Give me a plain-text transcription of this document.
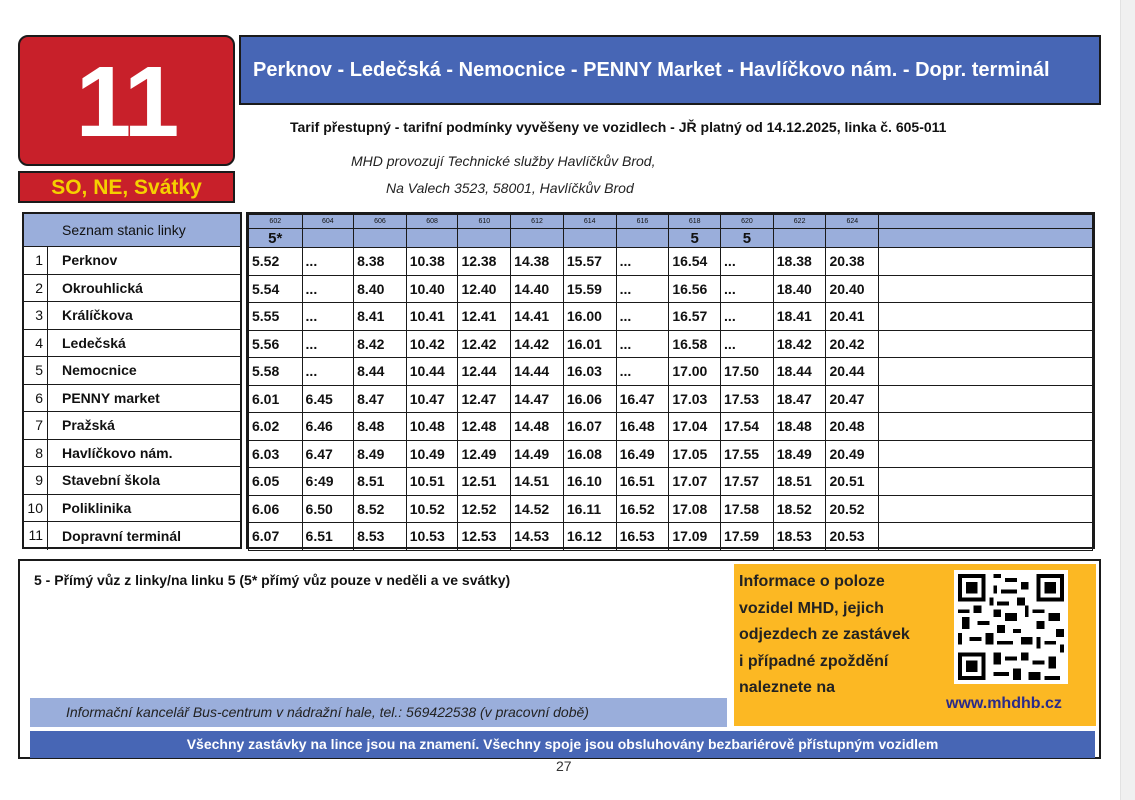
11
SO, NE, Svátky
Perknov - Ledečská - Nemocnice - PENNY Market - Havlíčkovo nám. - Dopr. terminál
Tarif přestupný - tarifní podmínky vyvěšeny ve vozidlech - JŘ platný od 14.12.2025, linka č. 605-011
MHD provozují Technické služby Havlíčkův Brod,
Na Valech 3523, 58001, Havlíčkův Brod
Seznam stanic linky
1	Perknov
2	Okrouhlická
3	Králíčkova
4	Ledečská
5	Nemocnice
6	PENNY market
7	Pražská
8	Havlíčkovo nám.
9	Stavební škola
10	Poliklinika
11	Dopravní terminál
602	604	606	608	610	612	614	616	618	620	622	624	
5*								5	5			
5.52	...	8.38	10.38	12.38	14.38	15.57	...	16.54	...	18.38	20.38	
5.54	...	8.40	10.40	12.40	14.40	15.59	...	16.56	...	18.40	20.40	
5.55	...	8.41	10.41	12.41	14.41	16.00	...	16.57	...	18.41	20.41	
5.56	...	8.42	10.42	12.42	14.42	16.01	...	16.58	...	18.42	20.42	
5.58	...	8.44	10.44	12.44	14.44	16.03	...	17.00	17.50	18.44	20.44	
6.01	6.45	8.47	10.47	12.47	14.47	16.06	16.47	17.03	17.53	18.47	20.47	
6.02	6.46	8.48	10.48	12.48	14.48	16.07	16.48	17.04	17.54	18.48	20.48	
6.03	6.47	8.49	10.49	12.49	14.49	16.08	16.49	17.05	17.55	18.49	20.49	
6.05	6:49	8.51	10.51	12.51	14.51	16.10	16.51	17.07	17.57	18.51	20.51	
6.06	6.50	8.52	10.52	12.52	14.52	16.11	16.52	17.08	17.58	18.52	20.52	
6.07	6.51	8.53	10.53	12.53	14.53	16.12	16.53	17.09	17.59	18.53	20.53	
5 - Přímý vůz z linky/na linku 5 (5* přímý vůz pouze v neděli a ve svátky)
Informační kancelář Bus-centrum v nádražní hale, tel.: 569422538 (v pracovní době)
Informace o poloze
vozidel MHD, jejich
odjezdech ze zastávek
i případné zpoždění
naleznete na
www.mhdhb.cz
Všechny zastávky na lince jsou na znamení. Všechny spoje jsou obsluhovány bezbariérově přístupným vozidlem
27
